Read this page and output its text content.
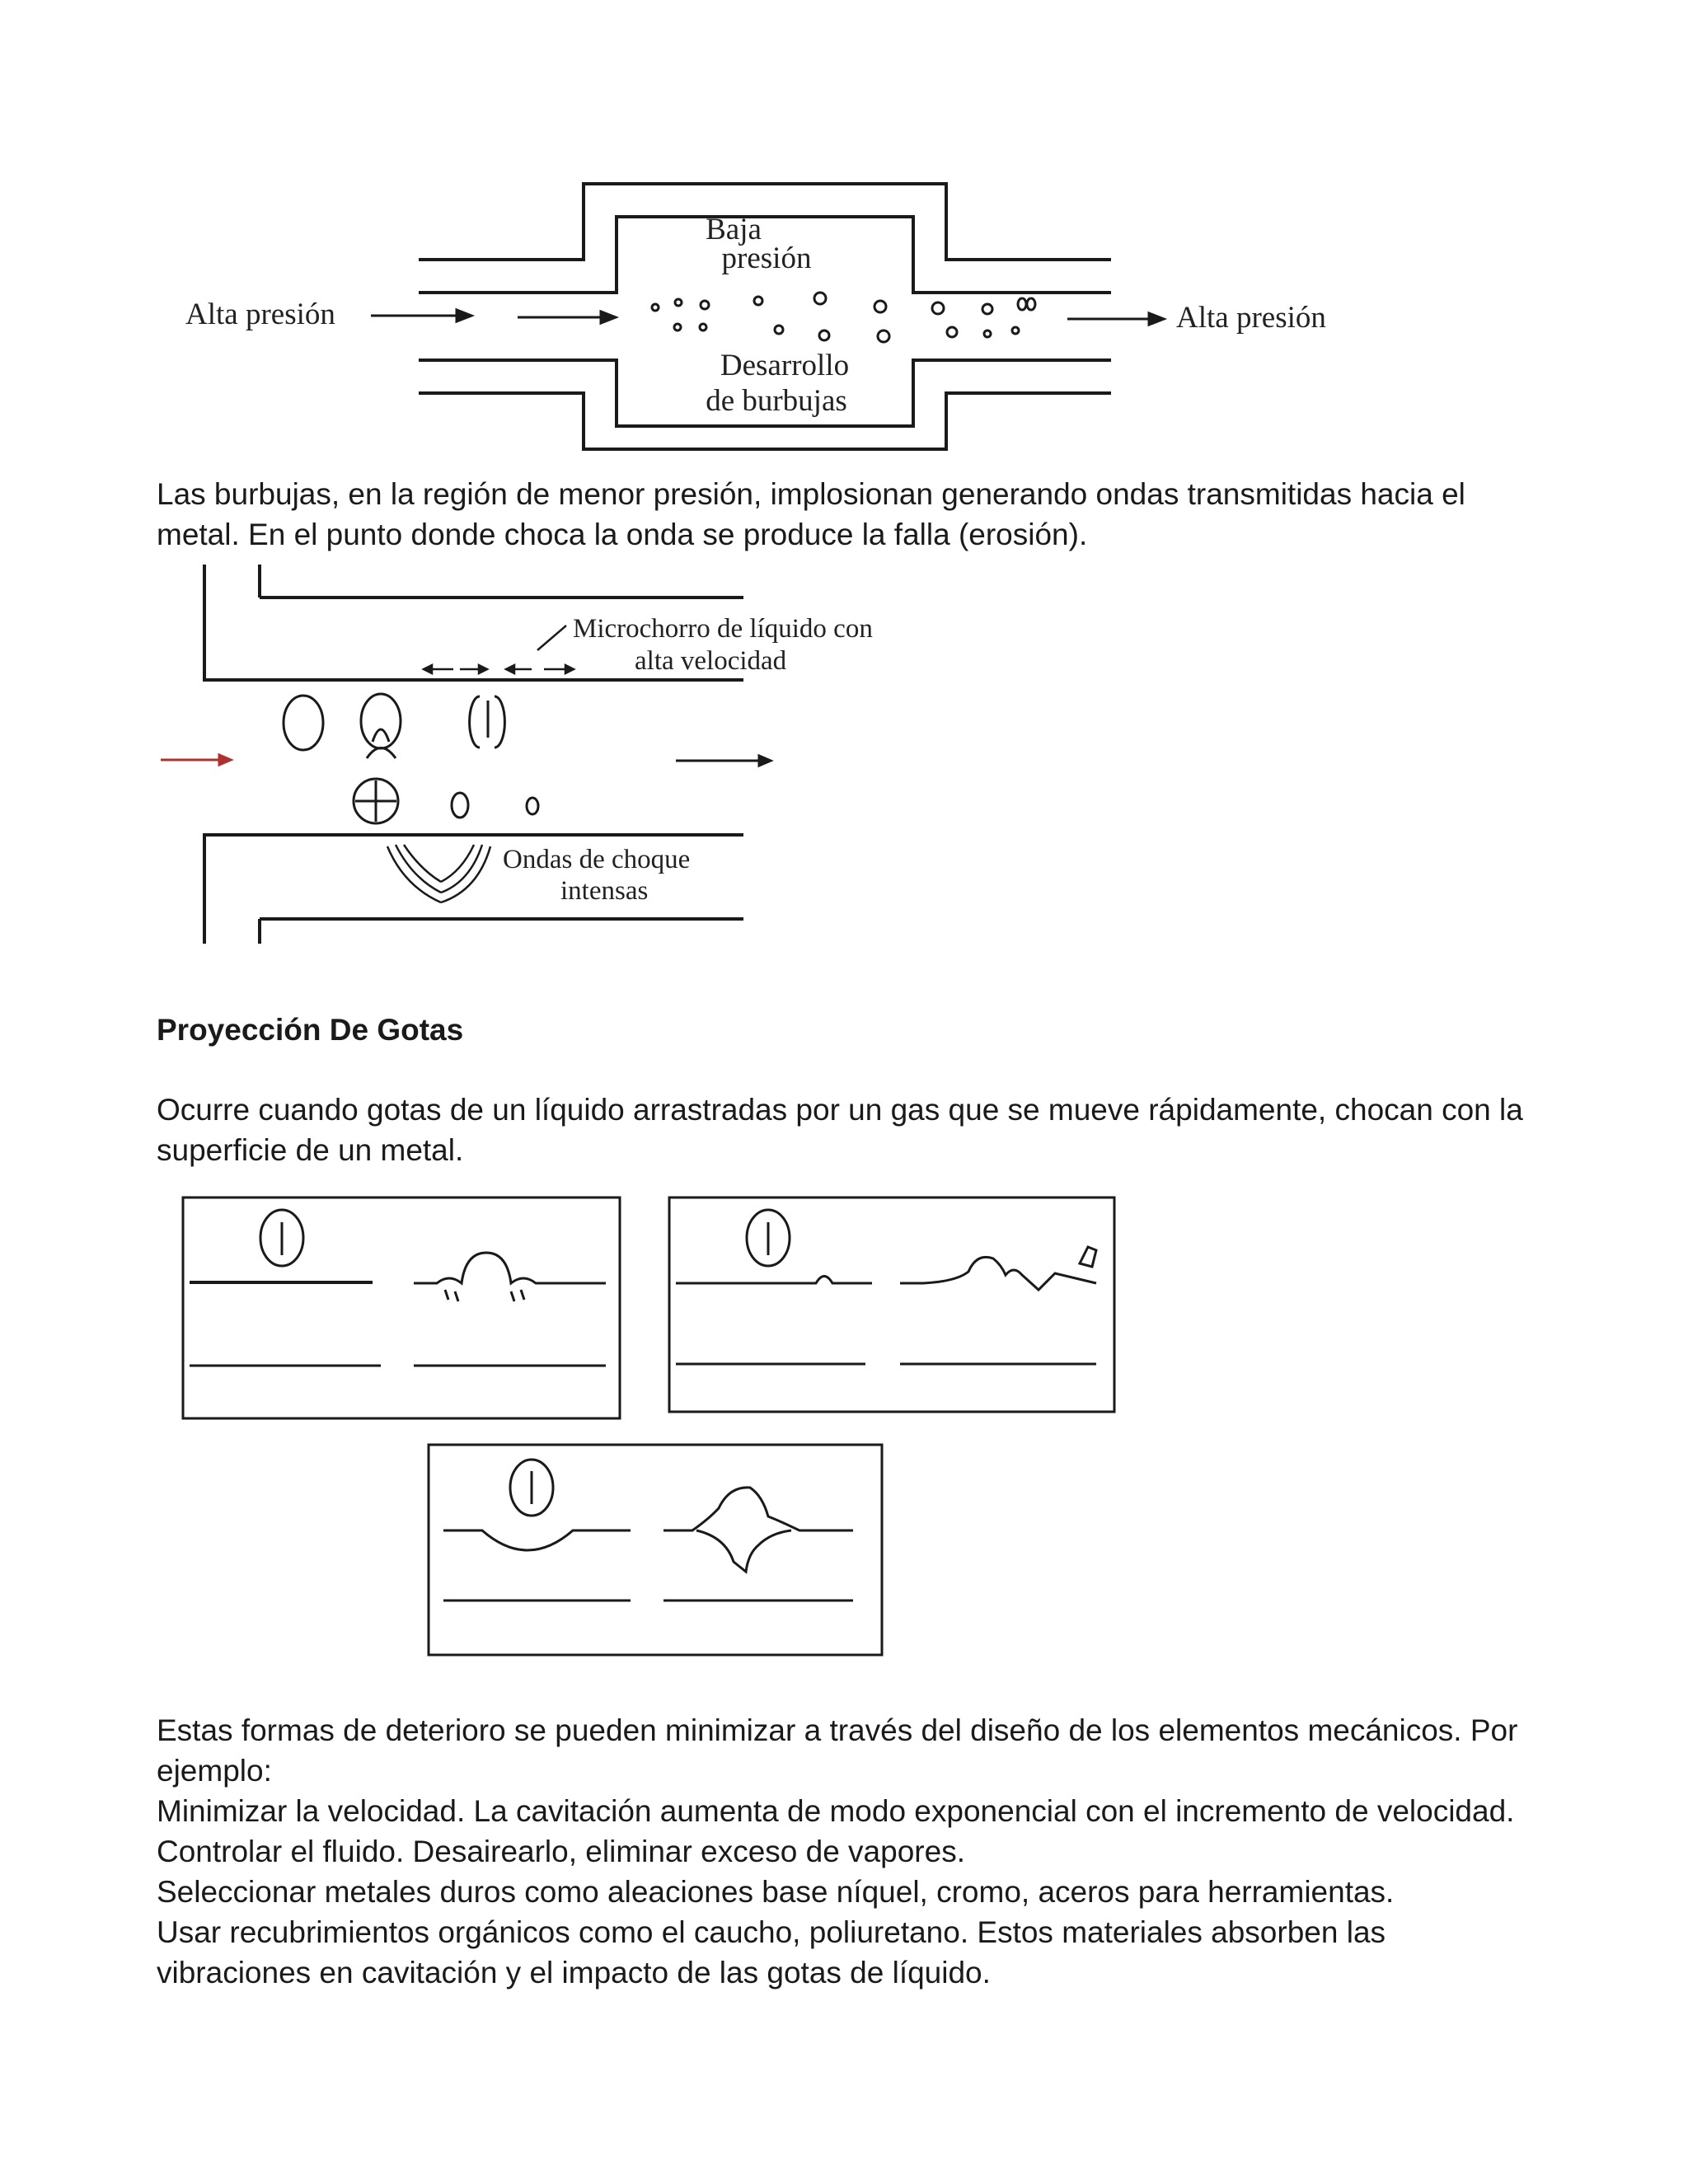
Baja
presión
Alta presión	Alta presión
Desarrollo
de burbujas
Las burbujas, en la región de menor presión, implosionan generando ondas transmitidas hacia el
metal. En el punto donde choca la onda se produce la falla (erosión).
Microchorro de líquido con
alta velocidad
Ondas de choque
intensas
Proyección De Gotas
Ocurre cuando gotas de un líquido arrastradas por un gas que se mueve rápidamente, chocan con la
superficie de un metal.
Estas formas de deterioro se pueden minimizar a través del diseño de los elementos mecánicos. Por
ejemplo:
Minimizar la velocidad. La cavitación aumenta de modo exponencial con el incremento de velocidad.
Controlar el fluido. Desairearlo, eliminar exceso de vapores.
Seleccionar metales duros como aleaciones base níquel, cromo, aceros para herramientas.
Usar recubrimientos orgánicos como el caucho, poliuretano. Estos materiales absorben las
vibraciones en cavitación y el impacto de las gotas de líquido.
